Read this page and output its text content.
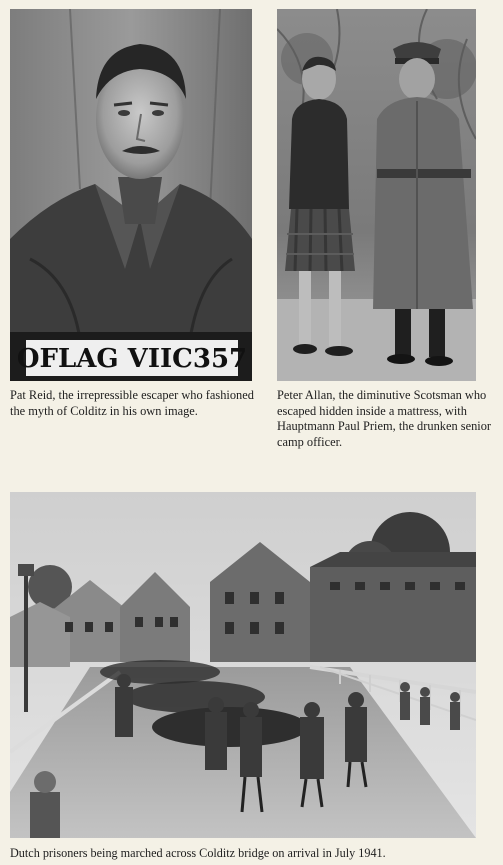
OFLAG VIIC357
Pat Reid, the irrepressible escaper who fashioned the myth of Colditz in his own image.
Peter Allan, the diminutive Scotsman who escaped hidden inside a mattress, with Hauptmann Paul Priem, the drunken senior camp officer.
Dutch prisoners being marched across Colditz bridge on arrival in July 1941.
